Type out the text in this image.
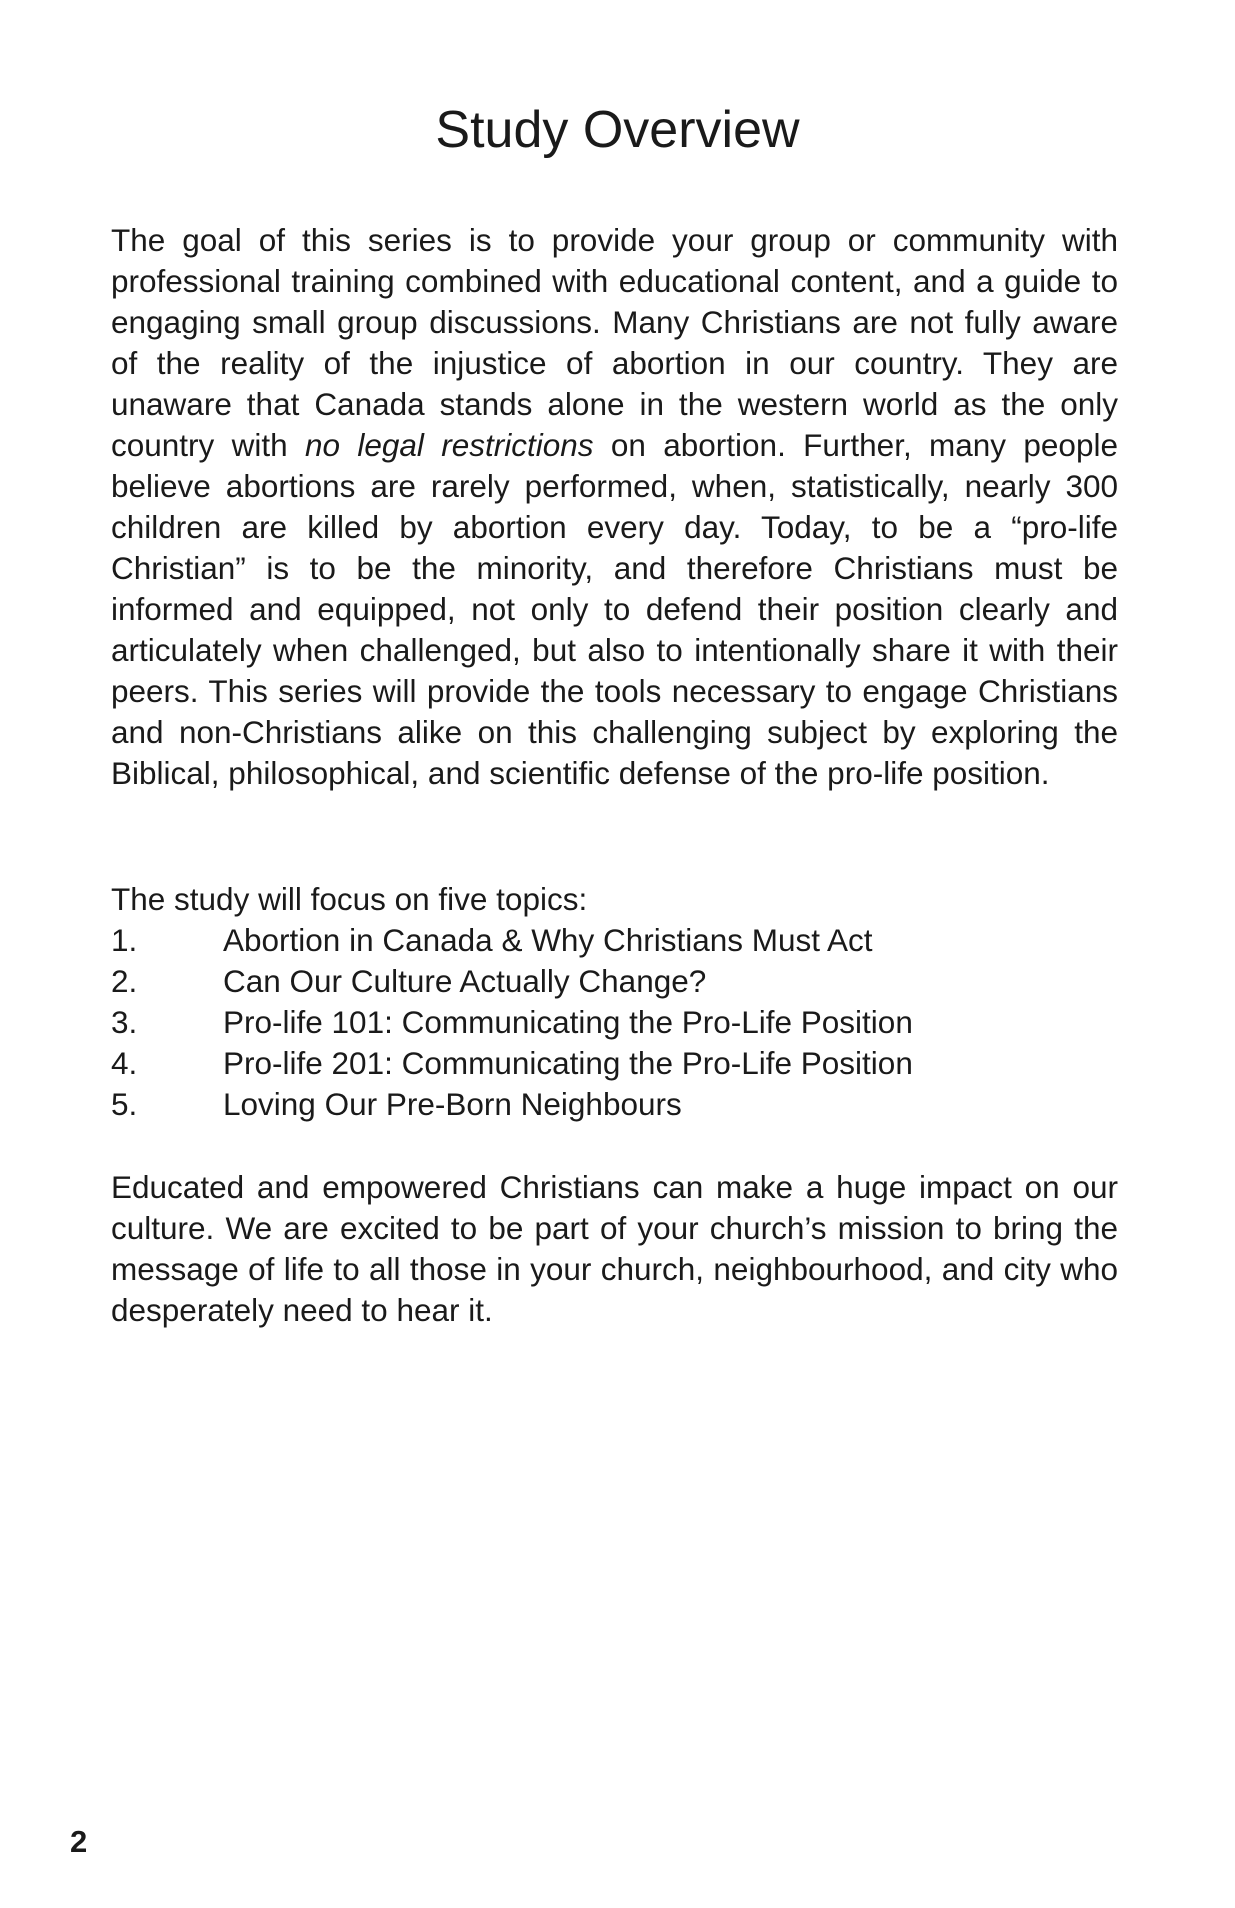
Study Overview

The goal of this series is to provide your group or community with professional training combined with educational content, and a guide to engaging small group discussions. Many Christians are not fully aware of the reality of the injustice of abortion in our country. They are unaware that Canada stands alone in the western world as the only country with no legal restrictions on abortion. Further, many people believe abortions are rarely performed, when, statistically, nearly 300 children are killed by abortion every day. Today, to be a “pro-life Christian” is to be the minority, and therefore Christians must be informed and equipped, not only to defend their position clearly and articulately when challenged, but also to intentionally share it with their peers. This series will provide the tools necessary to engage Christians and non-Christians alike on this challenging subject by exploring the Biblical, philosophical, and scientific defense of the pro-life position.

The study will focus on five topics:

1.	Abortion in Canada & Why Christians Must Act
2.	Can Our Culture Actually Change?
3.	Pro-life 101: Communicating the Pro-Life Position
4.	Pro-life 201: Communicating the Pro-Life Position
5.	Loving Our Pre-Born Neighbours

Educated and empowered Christians can make a huge impact on our culture. We are excited to be part of your church’s mission to bring the message of life to all those in your church, neighbourhood, and city who desperately need to hear it.

2
